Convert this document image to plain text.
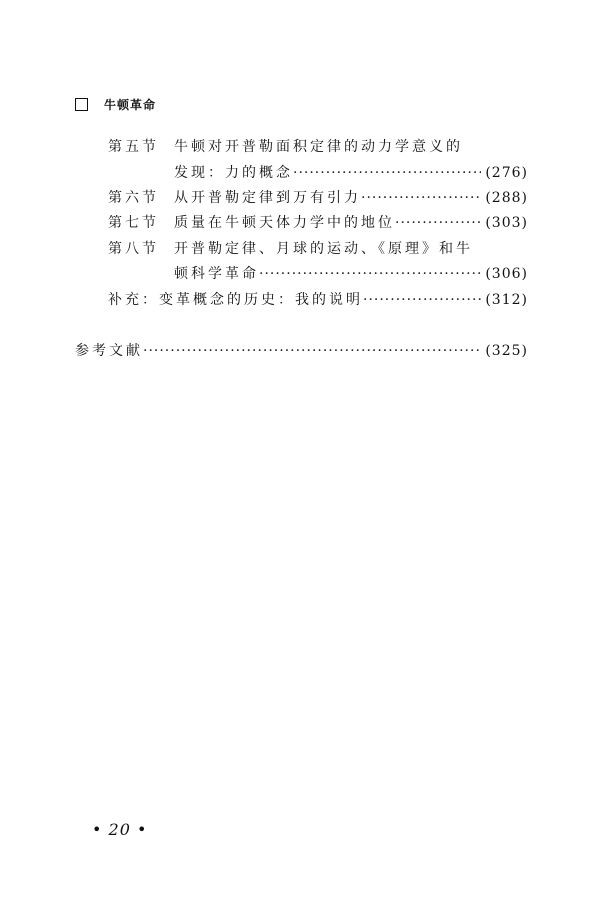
牛顿革命
第五节	牛顿对开普勒面积定律的动力学意义的
发现：力的概念 ·····	(276)
第六节	从开普勒定律到万有引力 ·····	(288)
第七节	质量在牛顿天体力学中的地位 ·····	(303)
第八节	开普勒定律、月球的运动、《原理》和牛
顿科学革命 ·····	(306)
补充：变革概念的历史：我的说明 ·····	(312)
参考文献 ·····	(325)
• 20 •
